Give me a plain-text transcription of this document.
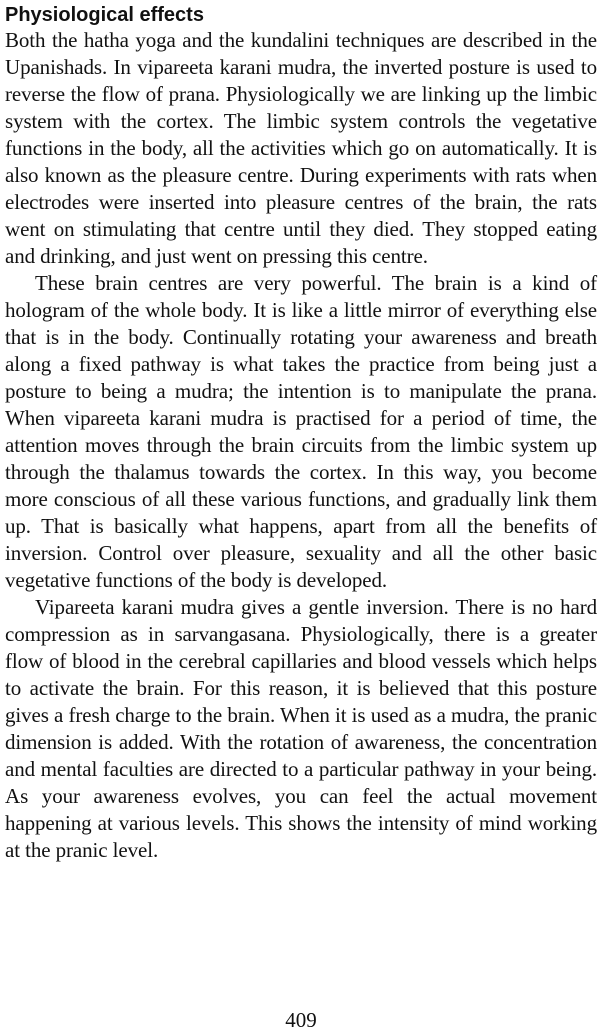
Physiological effects

Both the hatha yoga and the kundalini techniques are described in the Upanishads. In vipareeta karani mudra, the inverted posture is used to reverse the flow of prana. Physiologically we are linking up the limbic system with the cortex. The limbic system controls the vegetative functions in the body, all the activities which go on automatically. It is also known as the pleasure centre. During experiments with rats when electrodes were inserted into pleasure centres of the brain, the rats went on stimulating that centre until they died. They stopped eating and drinking, and just went on pressing this centre.

These brain centres are very powerful. The brain is a kind of hologram of the whole body. It is like a little mirror of everything else that is in the body. Continually rotating your awareness and breath along a fixed pathway is what takes the practice from being just a posture to being a mudra; the intention is to manipulate the prana. When vipareeta karani mudra is practised for a period of time, the attention moves through the brain circuits from the limbic system up through the thalamus towards the cortex. In this way, you become more conscious of all these various functions, and gradually link them up. That is basically what happens, apart from all the benefits of inversion. Control over pleasure, sexuality and all the other basic vegetative functions of the body is developed.

Vipareeta karani mudra gives a gentle inversion. There is no hard compression as in sarvangasana. Physiologically, there is a greater flow of blood in the cerebral capillaries and blood vessels which helps to activate the brain. For this reason, it is believed that this posture gives a fresh charge to the brain. When it is used as a mudra, the pranic dimension is added. With the rotation of awareness, the concentration and mental faculties are directed to a particular pathway in your being. As your awareness evolves, you can feel the actual movement happening at various levels. This shows the intensity of mind working at the pranic level.

409
